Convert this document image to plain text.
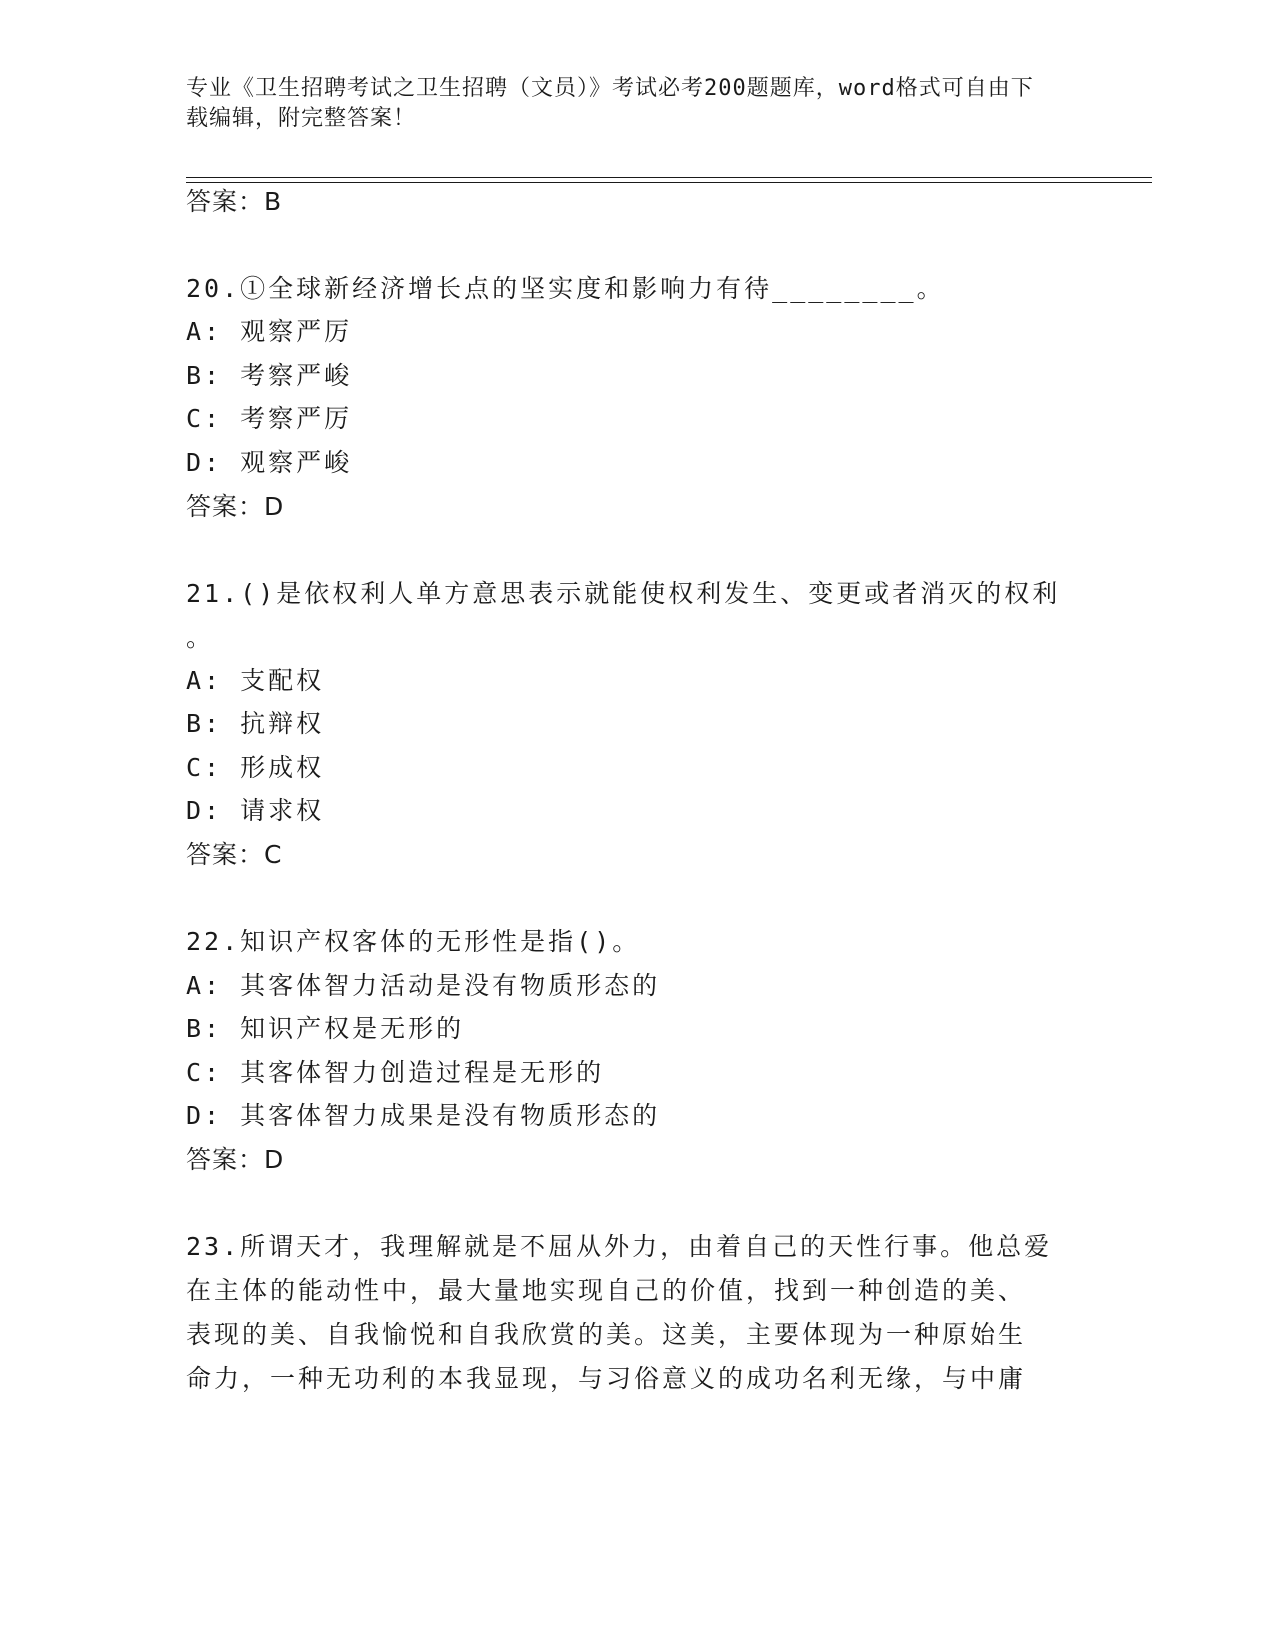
专业《卫生招聘考试之卫生招聘（文员）》考试必考200题题库，word格式可自由下载编辑，附完整答案！
答案：B
20.①全球新经济增长点的坚实度和影响力有待________。
A: 观察严厉
B: 考察严峻
C: 考察严厉
D: 观察严峻
答案：D
21.()是依权利人单方意思表示就能使权利发生、变更或者消灭的权利
。
A: 支配权
B: 抗辩权
C: 形成权
D: 请求权
答案：C
22.知识产权客体的无形性是指()。
A: 其客体智力活动是没有物质形态的
B: 知识产权是无形的
C: 其客体智力创造过程是无形的
D: 其客体智力成果是没有物质形态的
答案：D
23.所谓天才，我理解就是不屈从外力，由着自己的天性行事。他总爱
在主体的能动性中，最大量地实现自己的价值，找到一种创造的美、
表现的美、自我愉悦和自我欣赏的美。这美，主要体现为一种原始生
命力，一种无功利的本我显现，与习俗意义的成功名利无缘，与中庸
